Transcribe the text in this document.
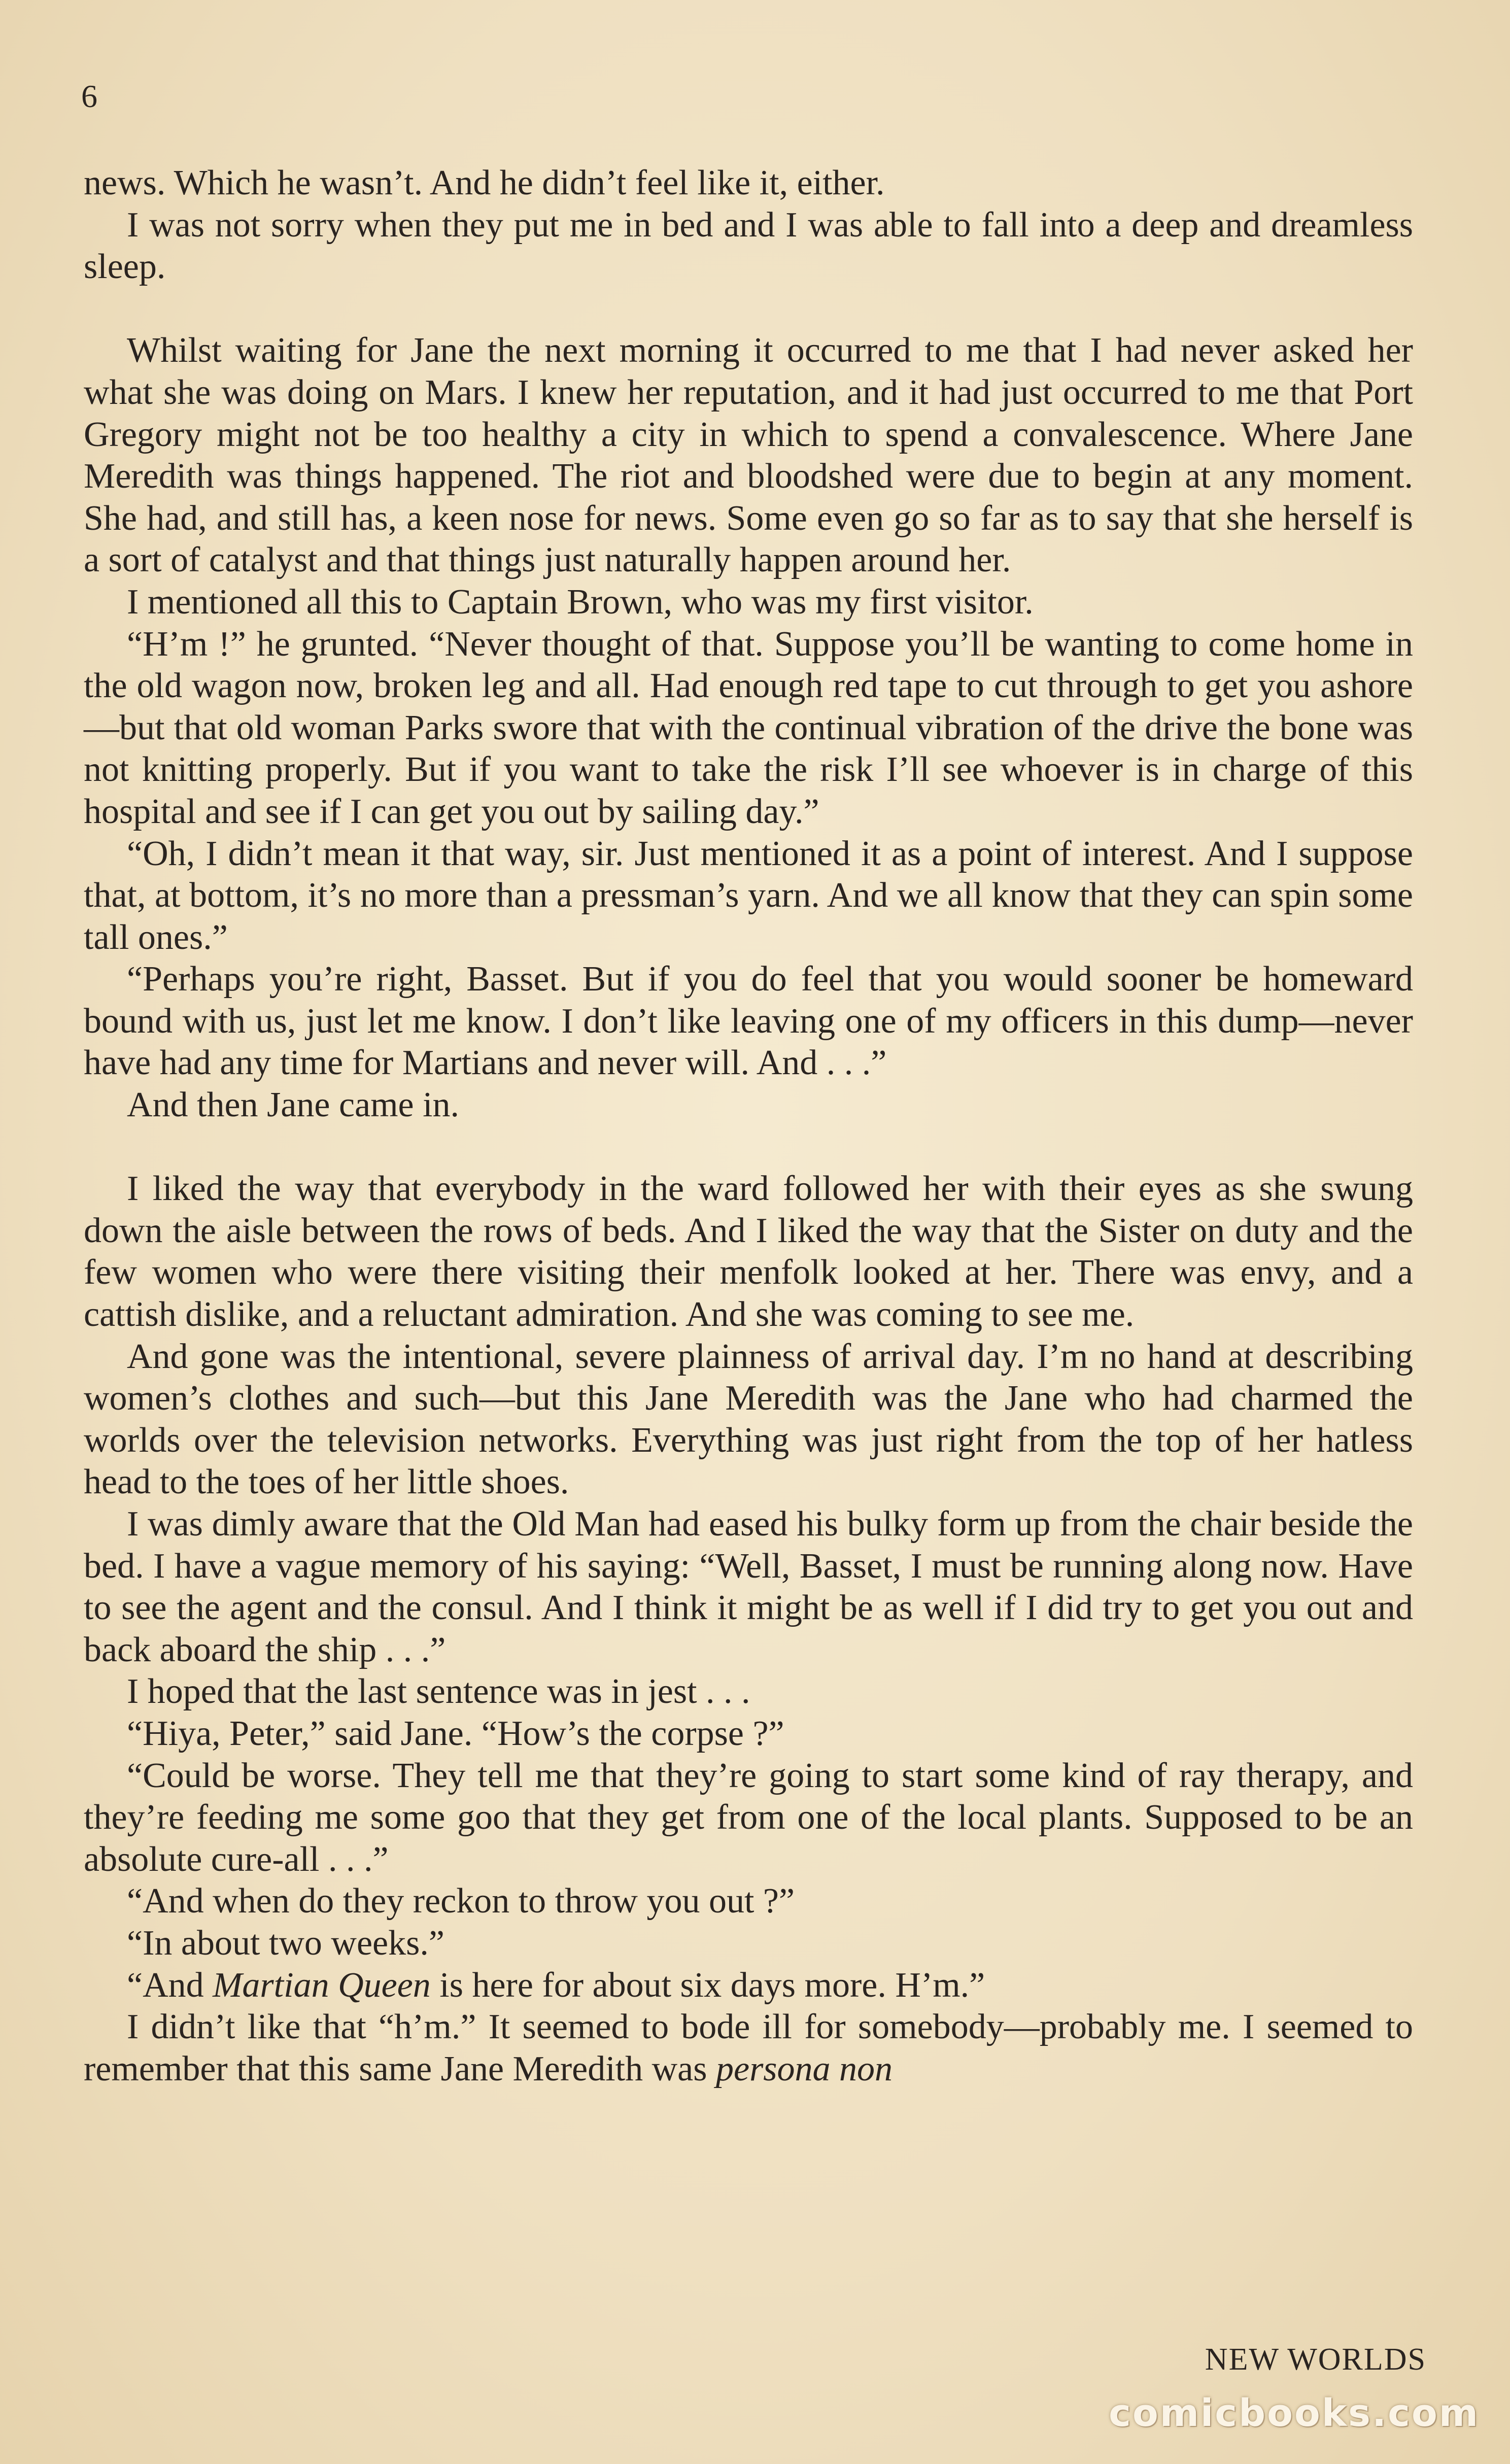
6

news. Which he wasn’t. And he didn’t feel like it, either.

I was not sorry when they put me in bed and I was able to fall into a deep and dreamless sleep.

Whilst waiting for Jane the next morning it occurred to me that I had never asked her what she was doing on Mars. I knew her reputation, and it had just occurred to me that Port Gregory might not be too healthy a city in which to spend a convalescence. Where Jane Meredith was things happened. The riot and bloodshed were due to begin at any moment. She had, and still has, a keen nose for news. Some even go so far as to say that she herself is a sort of catalyst and that things just naturally happen around her.

I mentioned all this to Captain Brown, who was my first visitor.

“H’m !” he grunted. “Never thought of that. Suppose you’ll be wanting to come home in the old wagon now, broken leg and all. Had enough red tape to cut through to get you ashore—but that old woman Parks swore that with the continual vibration of the drive the bone was not knitting properly. But if you want to take the risk I’ll see whoever is in charge of this hospital and see if I can get you out by sailing day.”

“Oh, I didn’t mean it that way, sir. Just mentioned it as a point of interest. And I suppose that, at bottom, it’s no more than a pressman’s yarn. And we all know that they can spin some tall ones.”

“Perhaps you’re right, Basset. But if you do feel that you would sooner be homeward bound with us, just let me know. I don’t like leaving one of my officers in this dump—never have had any time for Martians and never will. And . . .”

And then Jane came in.

I liked the way that everybody in the ward followed her with their eyes as she swung down the aisle between the rows of beds. And I liked the way that the Sister on duty and the few women who were there visiting their menfolk looked at her. There was envy, and a cattish dislike, and a reluctant admiration. And she was coming to see me.

And gone was the intentional, severe plainness of arrival day. I’m no hand at describing women’s clothes and such—but this Jane Meredith was the Jane who had charmed the worlds over the television networks. Everything was just right from the top of her hatless head to the toes of her little shoes.

I was dimly aware that the Old Man had eased his bulky form up from the chair beside the bed. I have a vague memory of his saying: “Well, Basset, I must be running along now. Have to see the agent and the consul. And I think it might be as well if I did try to get you out and back aboard the ship . . .”

I hoped that the last sentence was in jest . . .

“Hiya, Peter,” said Jane. “How’s the corpse ?”

“Could be worse. They tell me that they’re going to start some kind of ray therapy, and they’re feeding me some goo that they get from one of the local plants. Supposed to be an absolute cure-all . . .”

“And when do they reckon to throw you out ?”

“In about two weeks.”

“And Martian Queen is here for about six days more. H’m.”

I didn’t like that “h’m.” It seemed to bode ill for somebody—probably me. I seemed to remember that this same Jane Meredith was persona non

NEW WORLDS
comicbooks.com
